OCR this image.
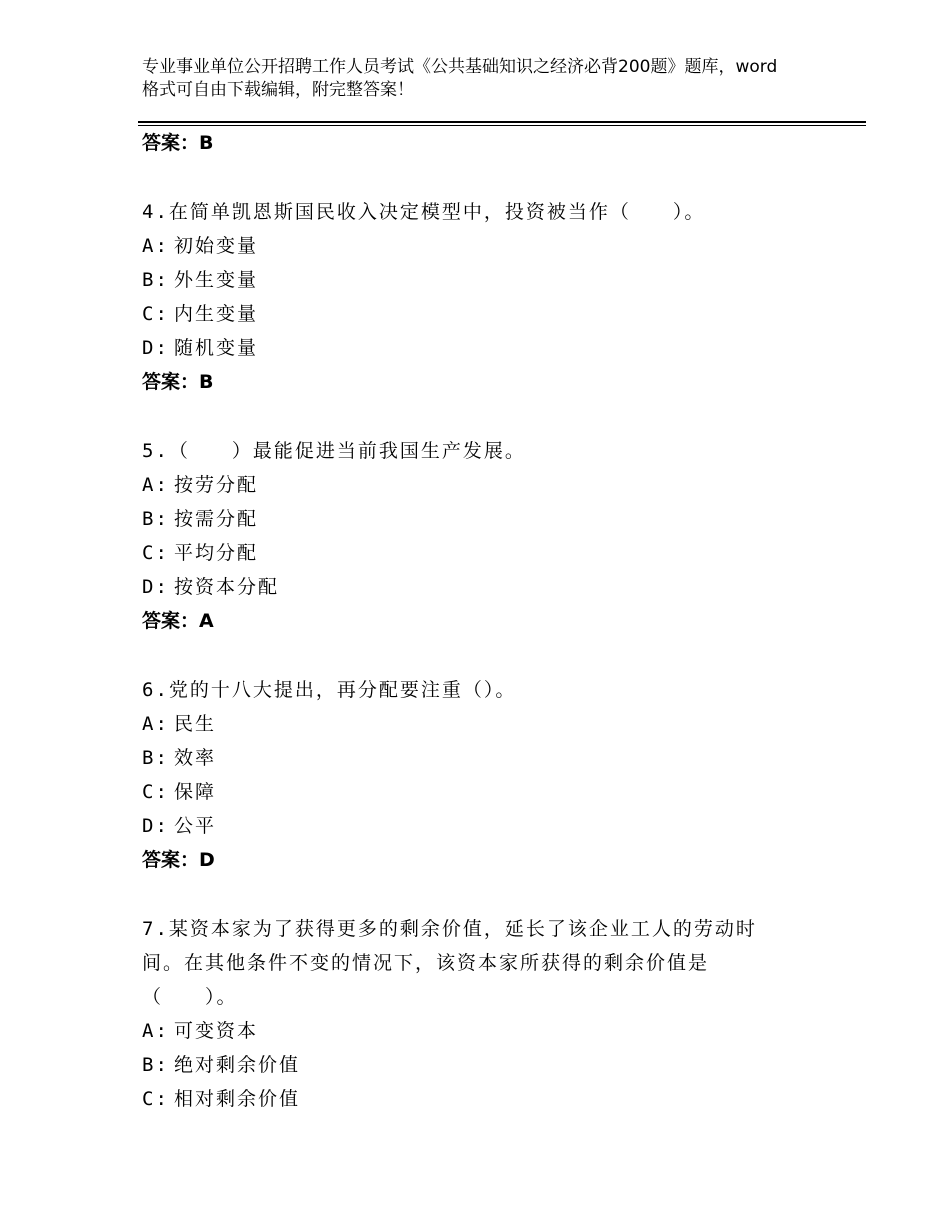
专业事业单位公开招聘工作人员考试《公共基础知识之经济必背200题》题库，word格式可自由下载编辑，附完整答案！
答案：B
4.在简单凯恩斯国民收入决定模型中，投资被当作（　　）。
A: 初始变量
B: 外生变量
C: 内生变量
D: 随机变量
答案：B
5.（　　）最能促进当前我国生产发展。
A: 按劳分配
B: 按需分配
C: 平均分配
D: 按资本分配
答案：A
6.党的十八大提出，再分配要注重（）。
A: 民生
B: 效率
C: 保障
D: 公平
答案：D
7.某资本家为了获得更多的剩余价值，延长了该企业工人的劳动时
间。在其他条件不变的情况下，该资本家所获得的剩余价值是
（　　）。
A: 可变资本
B: 绝对剩余价值
C: 相对剩余价值
